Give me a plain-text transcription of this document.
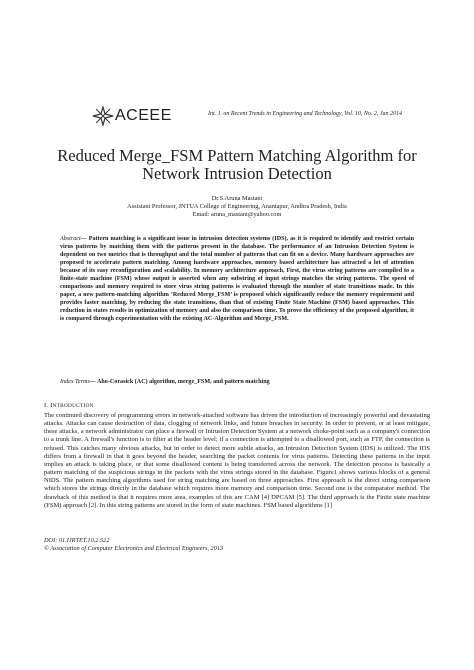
ACEEE	Int. J. on Recent Trends in Engineering and Technology, Vol. 10, No. 2, Jan 2014
Reduced Merge_FSM Pattern Matching Algorithm for
Network Intrusion Detection
Dr.S.Aruna Mastani
Assistant Professor, JNTUA College of Engineering, Anantapur, Andhra Pradesh, India
Email: aruna_mastani@yahoo.com
Abstract— Pattern matching is a significant issue in intrusion detection systems (IDS), as it is required to identify and restrict certain virus patterns by matching them with the patterns present in the database. The performance of an Intrusion Detection System is dependent on two metrics that is throughput and the total number of patterns that can fit on a device. Many hardware approaches are proposed to accelerate pattern matching. Among hardware approaches, memory based architecture has attracted a lot of attention because of its easy reconfiguration and scalability. In memory architecture approach, First, the virus string patterns are compiled to a finite-state machine (FSM) whose output is asserted when any substring of input strings matches the string patterns. The speed of comparisons and memory required to store virus string patterns is evaluated through the number of state transitions made. In this paper, a new pattern-matching algorithm ‘Reduced Merge_FSM’ is proposed which significantly reduce the memory requirement and provides faster matching, by reducing the state transitions, than that of existing Finite State Machine (FSM) based approaches. This reduction in states results in optimization of memory and also the comparison time. To prove the efficiency of the proposed algorithm, it is compared through experimentation with the existing AC-Algorithm and Merge_FSM.
Index Terms— Aho-Corasick (AC) algorithm, merge_FSM, and pattern matching
I. INTRODUCTION
The continued discovery of programming errors in network-attached software has driven the introduction of increasingly powerful and devastating attacks. Attacks can cause destruction of data, clogging of network links, and future breaches in security. In order to prevent, or at least mitigate, these attacks, a network administrator can place a firewall or Intrusion Detection System at a network choke-point such as a company's connection to a trunk line. A firewall's function is to filter at the header level; if a connection is attempted to a disallowed port, such as FTP, the connection is refused. This catches many obvious attacks, but in order to detect more subtle attacks, an Intrusion Detection System (IDS) is utilized. The IDS differs from a firewall in that it goes beyond the header, searching the packet contents for virus patterns. Detecting these patterns in the input implies an attack is taking place, or that some disallowed content is being transferred across the network. The detection process is basically a pattern matching of the suspicious strings in the packets with the virus strings stored in the database. Figure1 shows various blocks of a general NIDS. The pattern matching algorithms used for string matching are based on three approaches. First approach is the direct string comparison which stores the strings directly in the database which requires more memory and comparison time. Second one is the comparator method. The drawback of this method is that it requires more area, examples of this are CAM [4] DPCAM [5]. The third approach is the Finite state machine (FSM) approach [2]. In this string patterns are stored in the form of state machines. FSM based algorithms [1]
DOI: 01.IJRTET.10.2.522
© Association of Computer Electronics and Electrical Engineers, 2013
